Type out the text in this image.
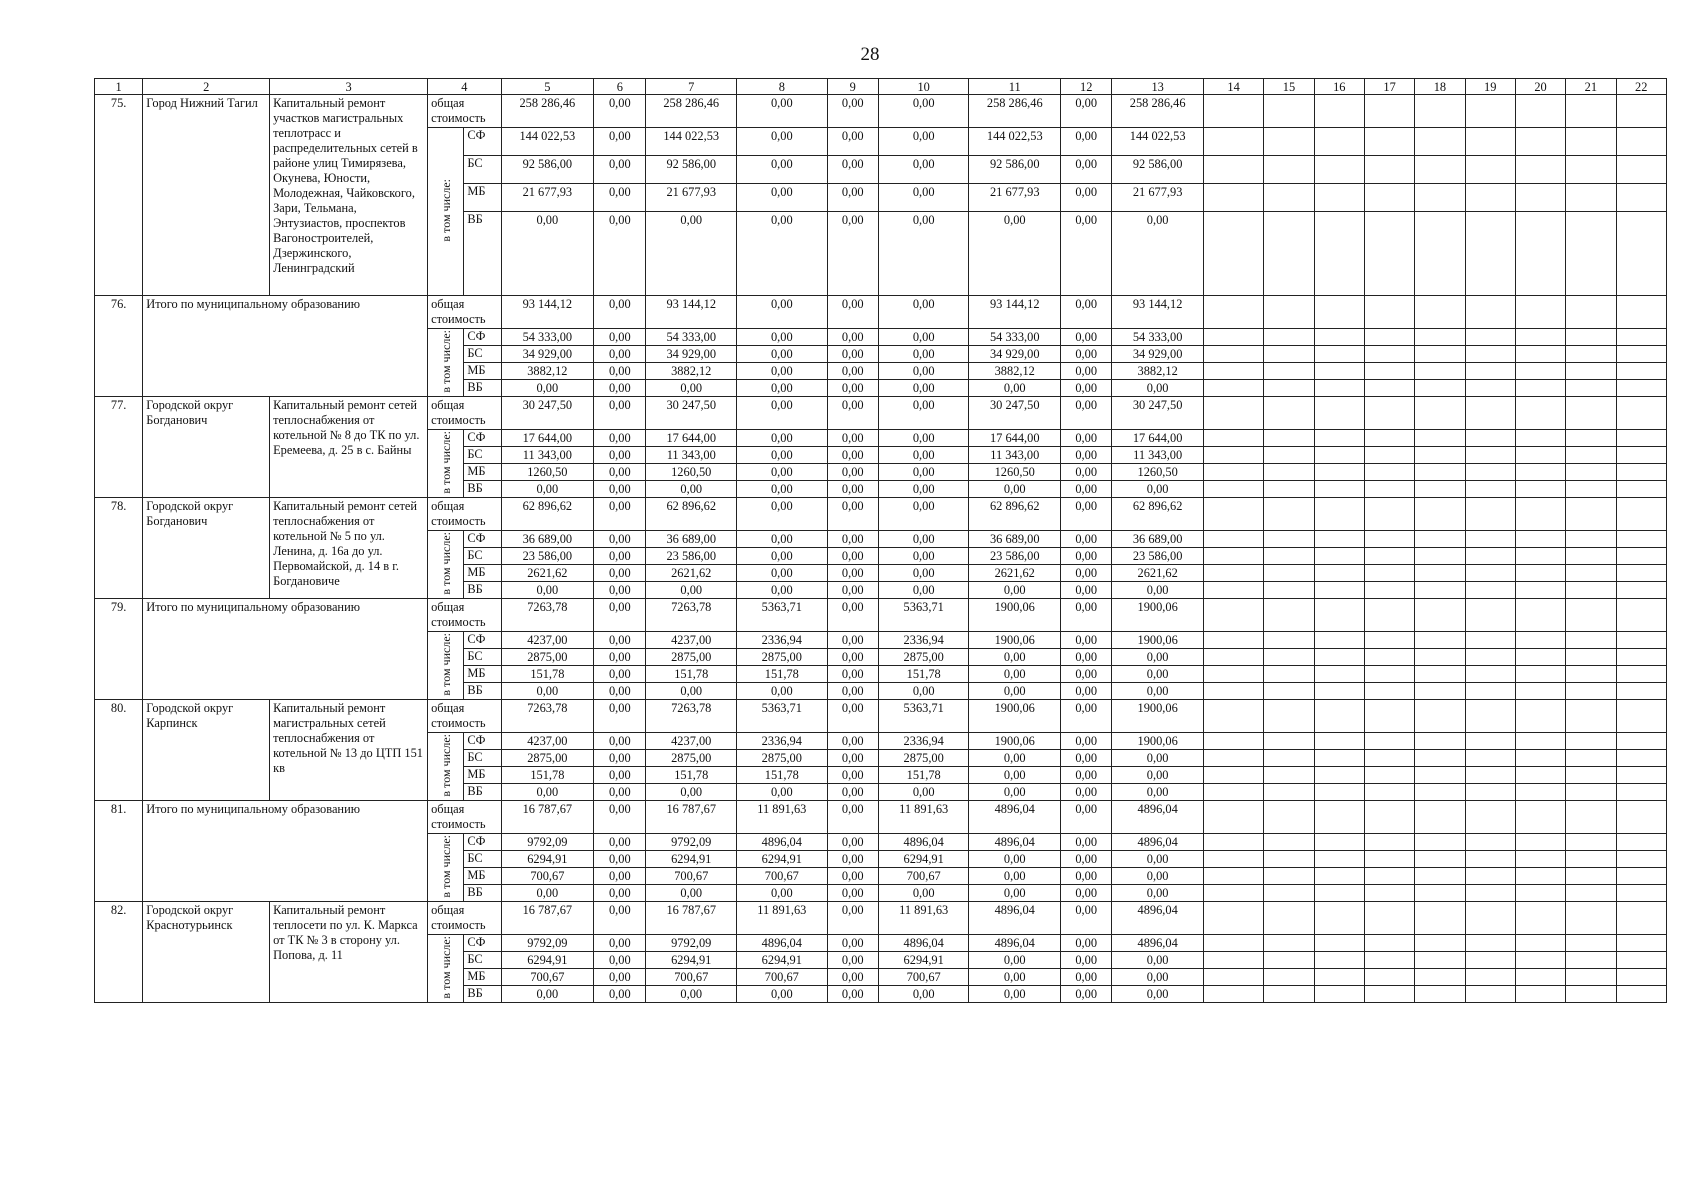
28
1	2	3	4		5	6	7	8	9	10	11	12	13	14	15	16	17	18	19	20	21	22
75.	Город Нижний Тагил	Капитальный ремонт участков магистральных теплотрасс и распределительных сетей в районе улиц Тимирязева, Окунева, Юности, Молодежная, Чайковского, Зари, Тельмана, Энтузиастов, проспектов Вагоностроителей, Дзержинского, Ленинградский	общая стоимость		258 286,46	0,00	258 286,46	0,00	0,00	0,00	258 286,46	0,00	258 286,46									
			в том числе:	СФ	144 022,53	0,00	144 022,53	0,00	0,00	0,00	144 022,53	0,00	144 022,53									
				БС	92 586,00	0,00	92 586,00	0,00	0,00	0,00	92 586,00	0,00	92 586,00									
				МБ	21 677,93	0,00	21 677,93	0,00	0,00	0,00	21 677,93	0,00	21 677,93									
				ВБ	0,00	0,00	0,00	0,00	0,00	0,00	0,00	0,00	0,00									
76.	Итого по муниципальному образованию		общая стоимость		93 144,12	0,00	93 144,12	0,00	0,00	0,00	93 144,12	0,00	93 144,12									
			в том числе:	СФ	54 333,00	0,00	54 333,00	0,00	0,00	0,00	54 333,00	0,00	54 333,00									
				БС	34 929,00	0,00	34 929,00	0,00	0,00	0,00	34 929,00	0,00	34 929,00									
				МБ	3882,12	0,00	3882,12	0,00	0,00	0,00	3882,12	0,00	3882,12									
				ВБ	0,00	0,00	0,00	0,00	0,00	0,00	0,00	0,00	0,00									
77.	Городской округ Богданович	Капитальный ремонт сетей теплоснабжения от котельной № 8 до ТК по ул. Еремеева, д. 25 в с. Байны	общая стоимость		30 247,50	0,00	30 247,50	0,00	0,00	0,00	30 247,50	0,00	30 247,50									
			в том числе:	СФ	17 644,00	0,00	17 644,00	0,00	0,00	0,00	17 644,00	0,00	17 644,00									
				БС	11 343,00	0,00	11 343,00	0,00	0,00	0,00	11 343,00	0,00	11 343,00									
				МБ	1260,50	0,00	1260,50	0,00	0,00	0,00	1260,50	0,00	1260,50									
				ВБ	0,00	0,00	0,00	0,00	0,00	0,00	0,00	0,00	0,00									
78.	Городской округ Богданович	Капитальный ремонт сетей теплоснабжения от котельной № 5 по ул. Ленина, д. 16а до ул. Первомайской, д. 14 в г. Богдановиче	общая стоимость		62 896,62	0,00	62 896,62	0,00	0,00	0,00	62 896,62	0,00	62 896,62									
			в том числе:	СФ	36 689,00	0,00	36 689,00	0,00	0,00	0,00	36 689,00	0,00	36 689,00									
				БС	23 586,00	0,00	23 586,00	0,00	0,00	0,00	23 586,00	0,00	23 586,00									
				МБ	2621,62	0,00	2621,62	0,00	0,00	0,00	2621,62	0,00	2621,62									
				ВБ	0,00	0,00	0,00	0,00	0,00	0,00	0,00	0,00	0,00									
79.	Итого по муниципальному образованию		общая стоимость		7263,78	0,00	7263,78	5363,71	0,00	5363,71	1900,06	0,00	1900,06									
			в том числе:	СФ	4237,00	0,00	4237,00	2336,94	0,00	2336,94	1900,06	0,00	1900,06									
				БС	2875,00	0,00	2875,00	2875,00	0,00	2875,00	0,00	0,00	0,00									
				МБ	151,78	0,00	151,78	151,78	0,00	151,78	0,00	0,00	0,00									
				ВБ	0,00	0,00	0,00	0,00	0,00	0,00	0,00	0,00	0,00									
80.	Городской округ Карпинск	Капитальный ремонт магистральных сетей теплоснабжения от котельной № 13 до ЦТП 151 кв	общая стоимость		7263,78	0,00	7263,78	5363,71	0,00	5363,71	1900,06	0,00	1900,06									
			в том числе:	СФ	4237,00	0,00	4237,00	2336,94	0,00	2336,94	1900,06	0,00	1900,06									
				БС	2875,00	0,00	2875,00	2875,00	0,00	2875,00	0,00	0,00	0,00									
				МБ	151,78	0,00	151,78	151,78	0,00	151,78	0,00	0,00	0,00									
				ВБ	0,00	0,00	0,00	0,00	0,00	0,00	0,00	0,00	0,00									
81.	Итого по муниципальному образованию		общая стоимость		16 787,67	0,00	16 787,67	11 891,63	0,00	11 891,63	4896,04	0,00	4896,04									
			в том числе:	СФ	9792,09	0,00	9792,09	4896,04	0,00	4896,04	4896,04	0,00	4896,04									
				БС	6294,91	0,00	6294,91	6294,91	0,00	6294,91	0,00	0,00	0,00									
				МБ	700,67	0,00	700,67	700,67	0,00	700,67	0,00	0,00	0,00									
				ВБ	0,00	0,00	0,00	0,00	0,00	0,00	0,00	0,00	0,00									
82.	Городской округ Краснотурьинск	Капитальный ремонт теплосети по ул. К. Маркса от ТК № 3 в сторону ул. Попова, д. 11	общая стоимость		16 787,67	0,00	16 787,67	11 891,63	0,00	11 891,63	4896,04	0,00	4896,04									
			в том числе:	СФ	9792,09	0,00	9792,09	4896,04	0,00	4896,04	4896,04	0,00	4896,04									
				БС	6294,91	0,00	6294,91	6294,91	0,00	6294,91	0,00	0,00	0,00									
				МБ	700,67	0,00	700,67	700,67	0,00	700,67	0,00	0,00	0,00									
				ВБ	0,00	0,00	0,00	0,00	0,00	0,00	0,00	0,00	0,00									
